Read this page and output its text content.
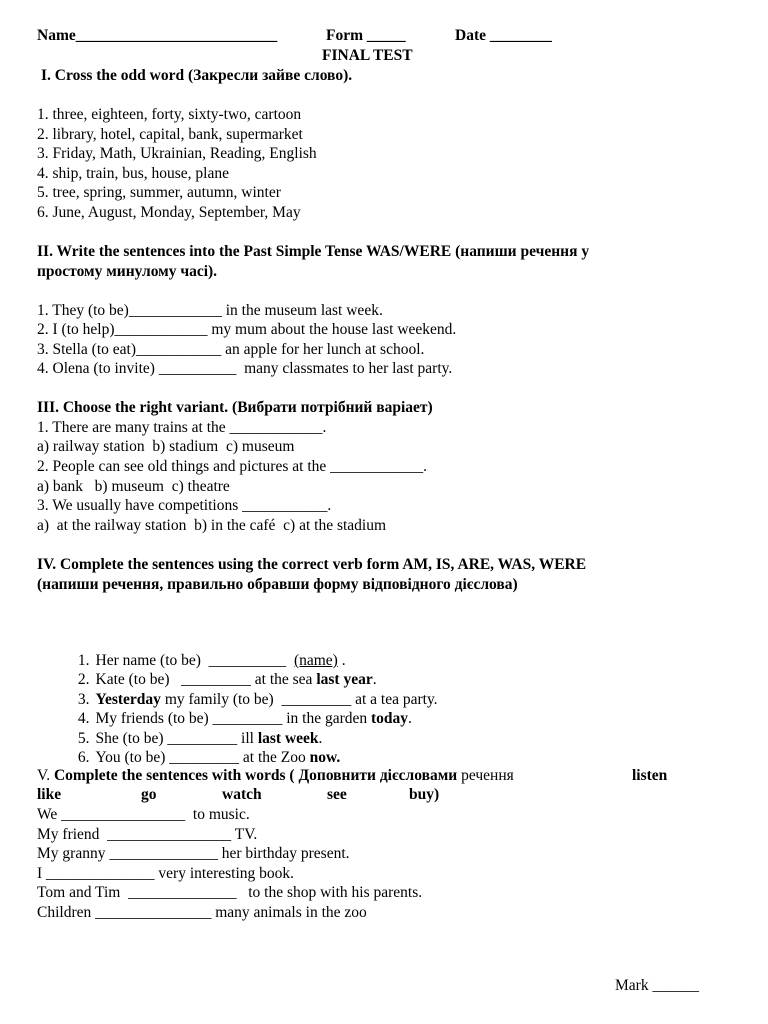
Name__________________________	Form _____	Date ________
FINAL TEST
I. Cross the odd word (Закресли зайве слово).
1. three, eighteen, forty, sixty-two, cartoon
2. library, hotel, capital, bank, supermarket
3. Friday, Math, Ukrainian, Reading, English
4. ship, train, bus, house, plane
5. tree, spring, summer, autumn, winter
6. June, August, Monday, September, May
II. Write the sentences into the Past Simple Tense WAS/WERE (напиши речення у
простому минулому часі).
1. They (to be)____________ in the museum last week.
2. I (to help)____________ my mum about the house last weekend.
3. Stella (to eat)___________ an apple for her lunch at school.
4. Olena (to invite) __________  many classmates to her last party.
III. Choose the right variant. (Вибрати потрібний варіает)
1. There are many trains at the ____________.
a) railway station  b) stadium  c) museum
2. People can see old things and pictures at the ____________.
a) bank   b) museum  c) theatre
3. We usually have competitions ___________.
a)  at the railway station  b) in the café  c) at the stadium
IV. Complete the sentences using the correct verb form AM, IS, ARE, WAS, WERE
(напиши речення, правильно обравши форму відповідного дієслова)

1. Her name (to be)  __________  (name) .

2. Kate (to be)   _________ at the sea last year.

3. Yesterday my family (to be)  _________ at a tea party.

4. My friends (to be) _________ in the garden today.

5. She (to be) _________ ill last week.

6. You (to be) _________ at the Zoo now.

V. Complete the sentences with words ( Доповнити дієсловами речення	listen
like	go	watch	see	buy)
We ________________  to music.
My friend  ________________ TV.
My granny ______________ her birthday present.
I ______________ very interesting book.
Tom and Tim  ______________   to the shop with his parents.
Children _______________ many animals in the zoo
Mark ______
